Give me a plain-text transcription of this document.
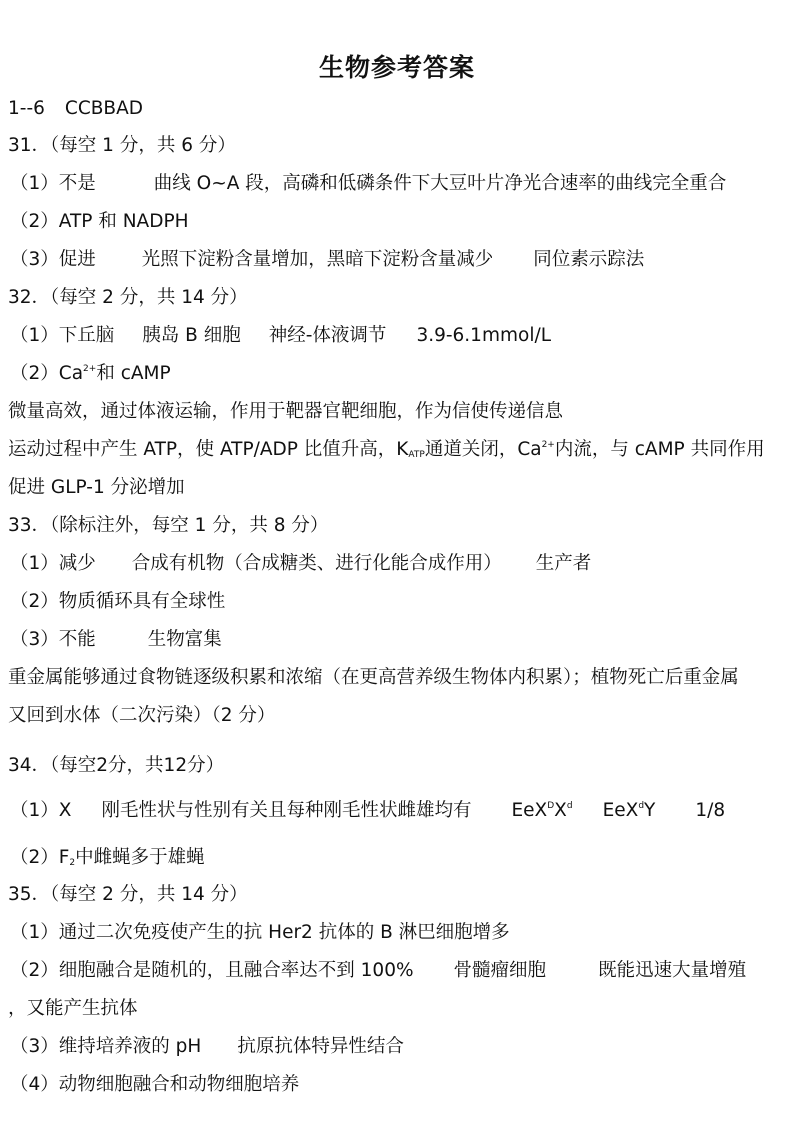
生物参考答案
1--6 CCBBAD
31．（每空 1 分，共 6 分）
（1）不是	曲线 O~A 段，高磷和低磷条件下大豆叶片净光合速率的曲线完全重合
（2）ATP 和 NADPH
（3）促进 光照下淀粉含量增加，黑暗下淀粉含量减少 同位素示踪法
32．（每空 2 分，共 14 分）
（1）下丘脑 胰岛 B 细胞 神经-体液调节 3.9-6.1mmol/L
$(2)Ca^{2+}$和 cAMP
微量高效，通过体液运输，作用于靶器官靶细胞，作为信使传递信息
运动过程中产生 ATP，使 ATP/ADP 比值升高，$K_{ATP}$通道关闭，$Ca^{2+}$内流，与 cAMP 共同作用
促进 GLP-1 分泌增加
33．（除标注外，每空 1 分，共 8 分）
（1）减少 合成有机物（合成糖类、进行化能合成作用） 生产者
（2）物质循环具有全球性
（3）不能	生物富集
重金属能够通过食物链逐级积累和浓缩（在更高营养级生物体内积累）；植物死亡后重金属
又回到水体（二次污染）（2 分）
34．（每空2分，共12分）
（1）X 刚毛性状与性别有关且每种刚毛性状雌雄均有 $EeX^DX^d$ EeX$^d$Y 1/8
$(2)F_2$中雌蝇多于雄蝇
35．（每空 2 分，共 14 分）
（1）通过二次免疫使产生的抗 Her2 抗体的 B 淋巴细胞增多
（2）细胞融合是随机的，且融合率达不到 100% 骨髓瘤细胞	既能迅速大量增殖
，又能产生抗体
（3）维持培养液的 pH 抗原抗体特异性结合
（4）动物细胞融合和动物细胞培养
